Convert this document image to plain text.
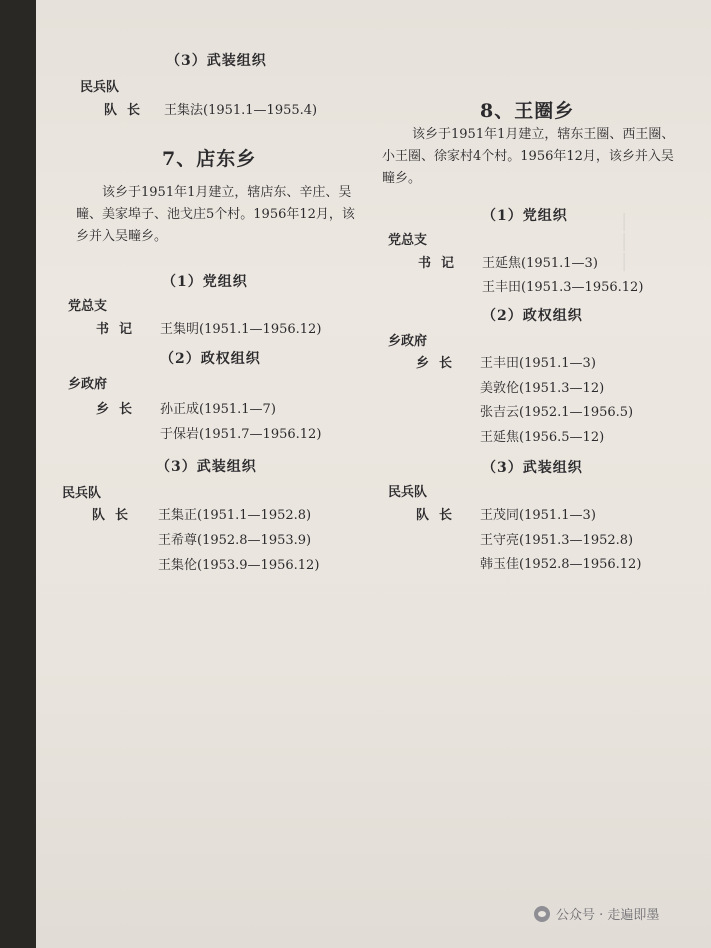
———
（3）武装组织
民兵队
队长 王集法(1951.1—1955.4)
7、店东乡
该乡于1951年1月建立，辖店东、辛庄、吴疃、美家埠子、池戈庄5个村。1956年12月，该乡并入吴疃乡。
（1）党组织
党总支
书记 王集明(1951.1—1956.12)
（2）政权组织
乡政府
乡长 孙正成(1951.1—7)
于保岩(1951.7—1956.12)
（3）武装组织
民兵队
队长 王集正(1951.1—1952.8)
王希尊(1952.8—1953.9)
王集伦(1953.9—1956.12)
8、王圈乡
该乡于1951年1月建立，辖东王圈、西王圈、小王圈、徐家村4个村。1956年12月，该乡并入吴疃乡。
（1）党组织
党总支
书记 王延焦(1951.1—3)
王丰田(1951.3—1956.12)
（2）政权组织
乡政府
乡长 王丰田(1951.1—3)
美敦伦(1951.3—12)
张吉云(1952.1—1956.5)
王延焦(1956.5—12)
（3）武装组织
民兵队
队长 王茂同(1951.1—3)
王守亮(1951.3—1952.8)
韩玉佳(1952.8—1956.12)
公众号 · 走遍即墨
